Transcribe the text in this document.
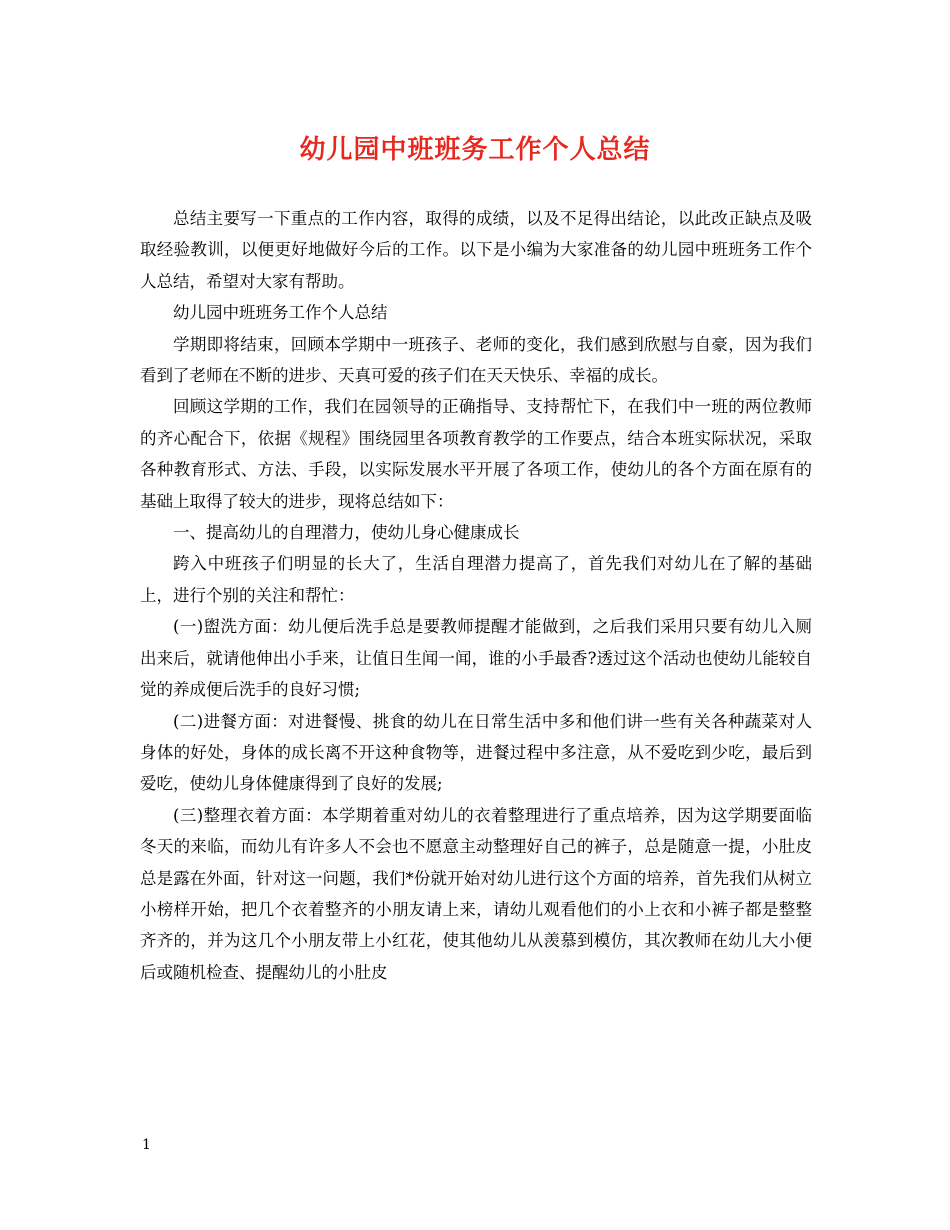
幼儿园中班班务工作个人总结

总结主要写一下重点的工作内容，取得的成绩，以及不足得出结论，以此改正缺点及吸取经验教训，以便更好地做好今后的工作。以下是小编为大家准备的幼儿园中班班务工作个人总结，希望对大家有帮助。

幼儿园中班班务工作个人总结

学期即将结束，回顾本学期中一班孩子、老师的变化，我们感到欣慰与自豪，因为我们看到了老师在不断的进步、天真可爱的孩子们在天天快乐、幸福的成长。

回顾这学期的工作，我们在园领导的正确指导、支持帮忙下，在我们中一班的两位教师的齐心配合下，依据《规程》围绕园里各项教育教学的工作要点，结合本班实际状况，采取各种教育形式、方法、手段，以实际发展水平开展了各项工作，使幼儿的各个方面在原有的基础上取得了较大的进步，现将总结如下：

一、提高幼儿的自理潜力，使幼儿身心健康成长

跨入中班孩子们明显的长大了，生活自理潜力提高了，首先我们对幼儿在了解的基础上，进行个别的关注和帮忙：

(一)盥洗方面：幼儿便后洗手总是要教师提醒才能做到，之后我们采用只要有幼儿入厕出来后，就请他伸出小手来，让值日生闻一闻，谁的小手最香?透过这个活动也使幼儿能较自觉的养成便后洗手的良好习惯;

(二)进餐方面：对进餐慢、挑食的幼儿在日常生活中多和他们讲一些有关各种蔬菜对人身体的好处，身体的成长离不开这种食物等，进餐过程中多注意，从不爱吃到少吃，最后到爱吃，使幼儿身体健康得到了良好的发展;

(三)整理衣着方面：本学期着重对幼儿的衣着整理进行了重点培养，因为这学期要面临冬天的来临，而幼儿有许多人不会也不愿意主动整理好自己的裤子，总是随意一提，小肚皮总是露在外面，针对这一问题，我们*份就开始对幼儿进行这个方面的培养，首先我们从树立小榜样开始，把几个衣着整齐的小朋友请上来，请幼儿观看他们的小上衣和小裤子都是整整齐齐的，并为这几个小朋友带上小红花，使其他幼儿从羡慕到模仿，其次教师在幼儿大小便后或随机检查、提醒幼儿的小肚皮

1
